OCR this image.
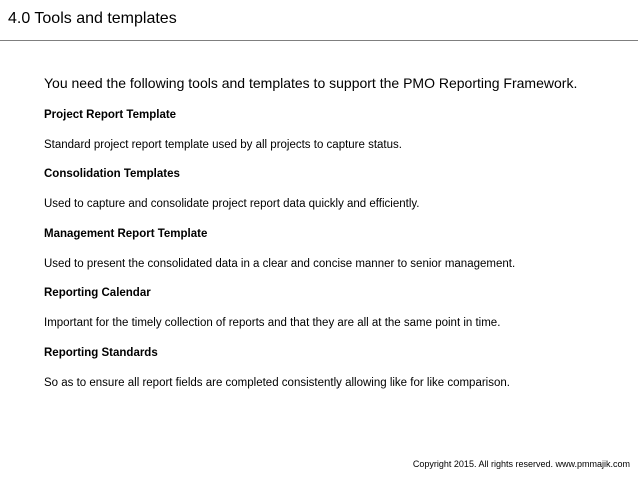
4.0 Tools and templates
You need the following tools and templates to support the PMO Reporting Framework.
Project Report Template
Standard project report template used by all projects to capture status.
Consolidation Templates
Used to capture and consolidate project report data quickly and efficiently.
Management Report Template
Used to present the consolidated data in a clear and concise manner to senior management.
Reporting Calendar
Important for the timely collection of reports and that they are all at the same point in time.
Reporting Standards
So as to ensure all report fields are completed consistently allowing like for like comparison.
Copyright 2015. All rights reserved. www.pmmajik.com
